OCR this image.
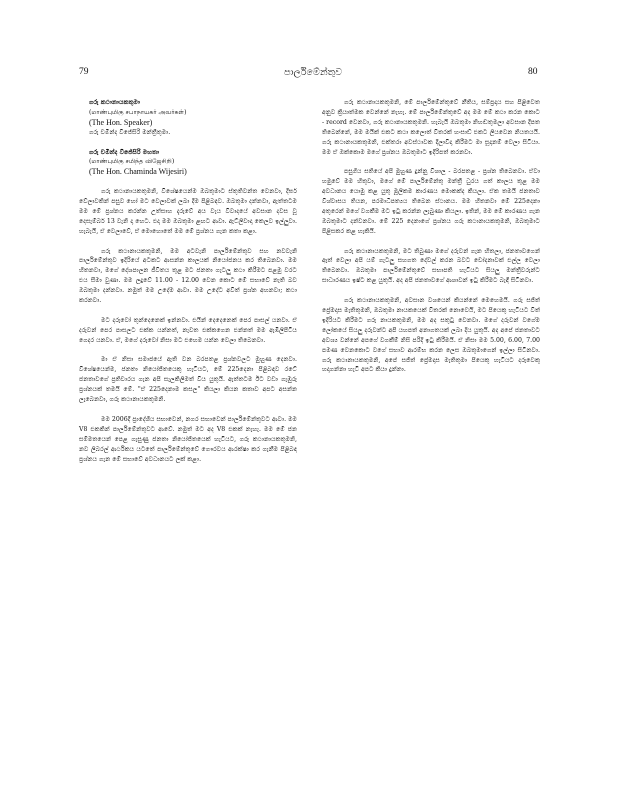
79	පාර්ලිමේන්තුව	80
ගරු කථානායකතුමා
(மாண்புமிகு சபாநாயகர் அவர்கள்)
(The Hon. Speaker)
ගරු චමින්ද විජේසිරි මන්ත්‍රීතුමා.
ගරු චමින්ද විජේසිරි මහතා
(மாண்புமிகு சமிந்த விஜேசிறி)
(The Hon. Chaminda Wijesiri)

ගරු කථානායකතුමනි, විශේෂයෙන්ම ඔබතුමාට ස්තුතිවන්ත වෙනවා, දීර්ඝ වේලාවකින් පසුව හෝ මට වෙලාවක් ලබා දීම පිළිබඳව. ඔබතුමා දන්නවා, ඇත්තටම මම මේ ප්‍රශ්නය කරන්න උත්සාහ දැරුවේ අය වැය විවාදයේ අවසාන දවස වූ දෙසැම්බර් 13 වැනි දා හෙට. එදා මම ඔබතුමා ළඟට ආවා. ඇට්ලිවාදා කෙලව ඉල්ලුවා. හැබැයි, ඒ වෙලාවේ, ඒ මොහොතේ මම මේ ප්‍රශ්නය ගැන කතා කළා.

ගරු කථානායකතුමනි, මම අටවැනි පාර්ලිමේන්තුව සහ නවවැනි පාර්ලිමේන්තුව ඉදිරියේ අටකට ආසන්න කාලයක් නියෝජනය කර තිබෙනවා. මම හිතනවා, මගේ දේශපාලන ජීවිතය තුළ මට ජනතා ගැටලු කථා කිරීමට පළමු වරට එය සීමා වුණා. මම ලදුවේ 11.00 - 12.00 වෙන කොට මේ සභාවේ නැති බව ඔබතුමා දන්නවා. නමුත් මම උදේම ආවා. මම උදේට අවිත් ප්‍රශ්න අහනවා; කථා කරනවා.

මට දරුවෝ තුන්දෙනෙක් ඉන්නවා. එයින් දෙදෙනෙක් පෙර පාසල් යනවා. ඒ දරුවන් පෙර පාසලට එක්ක යන්නත්, නැවත එක්කගෙන එන්නත් මම ඇඹිලිපිටිය ගෙදර යනවා. ඒ, මගේ දරුවෝ නිසා මට එහෙම යන්න වෙලා තිබෙනවා.

මා ඒ නිසා සමාජයේ ඇති වන බරපතළ ප්‍රශ්නවලට මුහුණ දෙනවා. විශේෂයෙන්ම, ජනතා නියෝජිතයෙකු හැටියට, මේ 225දෙනා පිළිබඳව රටේ ජනතාවගේ ප්‍රතිචාරය ගැන අපි සැලකිලිමත් විය යුතුයි. ඇත්තටම ඊට වඩා ගැඹුරු ප්‍රශ්නයක් තමයි මේ. "ඒ 225දෙනාම කසල" කියලා කියන කතාව අපට අසන්න ලැබෙනවා, ගරු කථානායකතුමනි.

මම 2006දී ප්‍රාදේශීය සභාවෙන්, නගර සභාවෙන් පාර්ලිමේන්තුවට ආවා. මම V8 එකකින් පාර්ලිමේන්තුවට ආවේ. නමුත් මට අද V8 එකක් නැහැ. මම මේ ජන සම්මතයෙන් පෙළ ගැසුණු ජනතා නියෝජිතයෙක් හැටියට, ගරු කථානායකතුමනි, නව ලිබරල් ආර්ථිකය යටතේ පාර්ලිමේන්තුවේ ගෞරවය ආරක්ෂා කර ගැනීම පිළිබඳ ප්‍රශ්නය ගැන මේ සභාවේ අවධානයට ලක් කළා.

ගරු කථානායකතුමනි, මේ පාර්ලිමේන්තුවේ නීතිය, සම්ප්‍රදාය සහ පිළිවෙත අනුව ක්‍රියාත්මක වෙන්නේ නැහැ. මේ පාර්ලිමේන්තුවේ අද මම මේ කථා කරන කොට - record වෙනවා, ගරු කථානායකතුමනි. හැබැයි ඔබතුමා නිහඬතුමලා අවසාන දීපත තිබෙන්නේ, මම මයික් එකට කථා කලොත් විතරක් හංසාඩ් එකට ලියවෙන නියතයයි. ගරු කථානායකතුමනි, එක්තරා අවස්ථාවක දීලාවිදා කිරීමට මා සූදානම් වෙලා සිටියා. මම ඒ ඔක්කොම මගේ ප්‍රශ්නය ඔබතුමාට ඉදිරිපත් කරනවා.

පසුගිය සතියේ අපි මුහුණ දුන්නු විශාල - බරපතළ - ප්‍රශ්න තිබෙනවා. ඒවා හමුවේ මම හිතුවා, මගේ මේ පාර්ලිමේන්තු මන්ත්‍රී ධුරය ගත් කාලය තුළ මම අවධානය යොමු කළ යුතු මූලිකම කාරණය මොකක්ද කියලා. ඒක තමයි ජනතාව විශ්වාසය තියන, පරමාධිපත්‍යය තිබෙන ස්ථානය. මම හිතනවා මේ 225දෙනා අතුරෙන් මගේ වගකීම මට ඉටු කරන්න ලැබුණා කියලා. ඉතින්, මම මේ කාරණය ගැන ඔබතුමාට දන්වනවා. මේ 225 දෙනාගේ ප්‍රශ්නය ගරු කථානායකතුමනි, ඔබතුමාට පිළිසකර කළ හැකියි.

ගරු කථානායකතුමනි, මට තිබුණා මගේ දරුවන් ගැන හිතලා, ජනතාවගෙන් ඈත් වෙලා අපි යම් ගැටලු සහගත දේවල් කරන බවට චෝදනාවක් එල්ල වෙලා තිබෙනවා. ඔබතුමා පාර්ලිමේන්තුවේ සභාපති හැටියට සියලු මන්ත්‍රීවරුන්ට සාධාරණය ඉෂ්ට කළ යුතුයි. අද අපි ජනතාවගේ ආශාවන් ඉටු කිරීමට බැඳී සිටිනවා.

ගරු කථානායකතුමනි, අවසාන වශයෙන් කියන්නේ මෙහෙමයි. ගරු සජිත් ප්‍රේමදාස මැතිතුමනි, ඔබතුමා නායකයෙක් විතරක් නොවෙයි, මට පියෙකු හැටියට විත් ඉදිරියට කිරීමට ගරු නායකතුමනි, මම අද සතුටු වෙනවා. මගේ දරුවන් වගේම ලෝකයේ සියලු දරුවන්ට අපි යහපත් අනාගතයක් ලබා දිය යුතුයි. අද අපේ ජනතාවට අවශ්‍ය වන්නේ අපගේ වගකීම් නිසි පරිදි ඉටු කිරීමයි. ඒ නිසා මම 5.00, 6.00, 7.00 පමණ වෙනකොට වගේ සභාව ආරම්භ කරන ලෙස ඔබතුමාගෙන් ඉල්ලා සිටිනවා. ගරු කථානායකතුමනි, අපේ සජිත් ප්‍රේමදාස මැතිතුමා පියෙකු හැටියට දරුවෙකු හදාගන්නා හැටි අපට කියා දුන්නා.
